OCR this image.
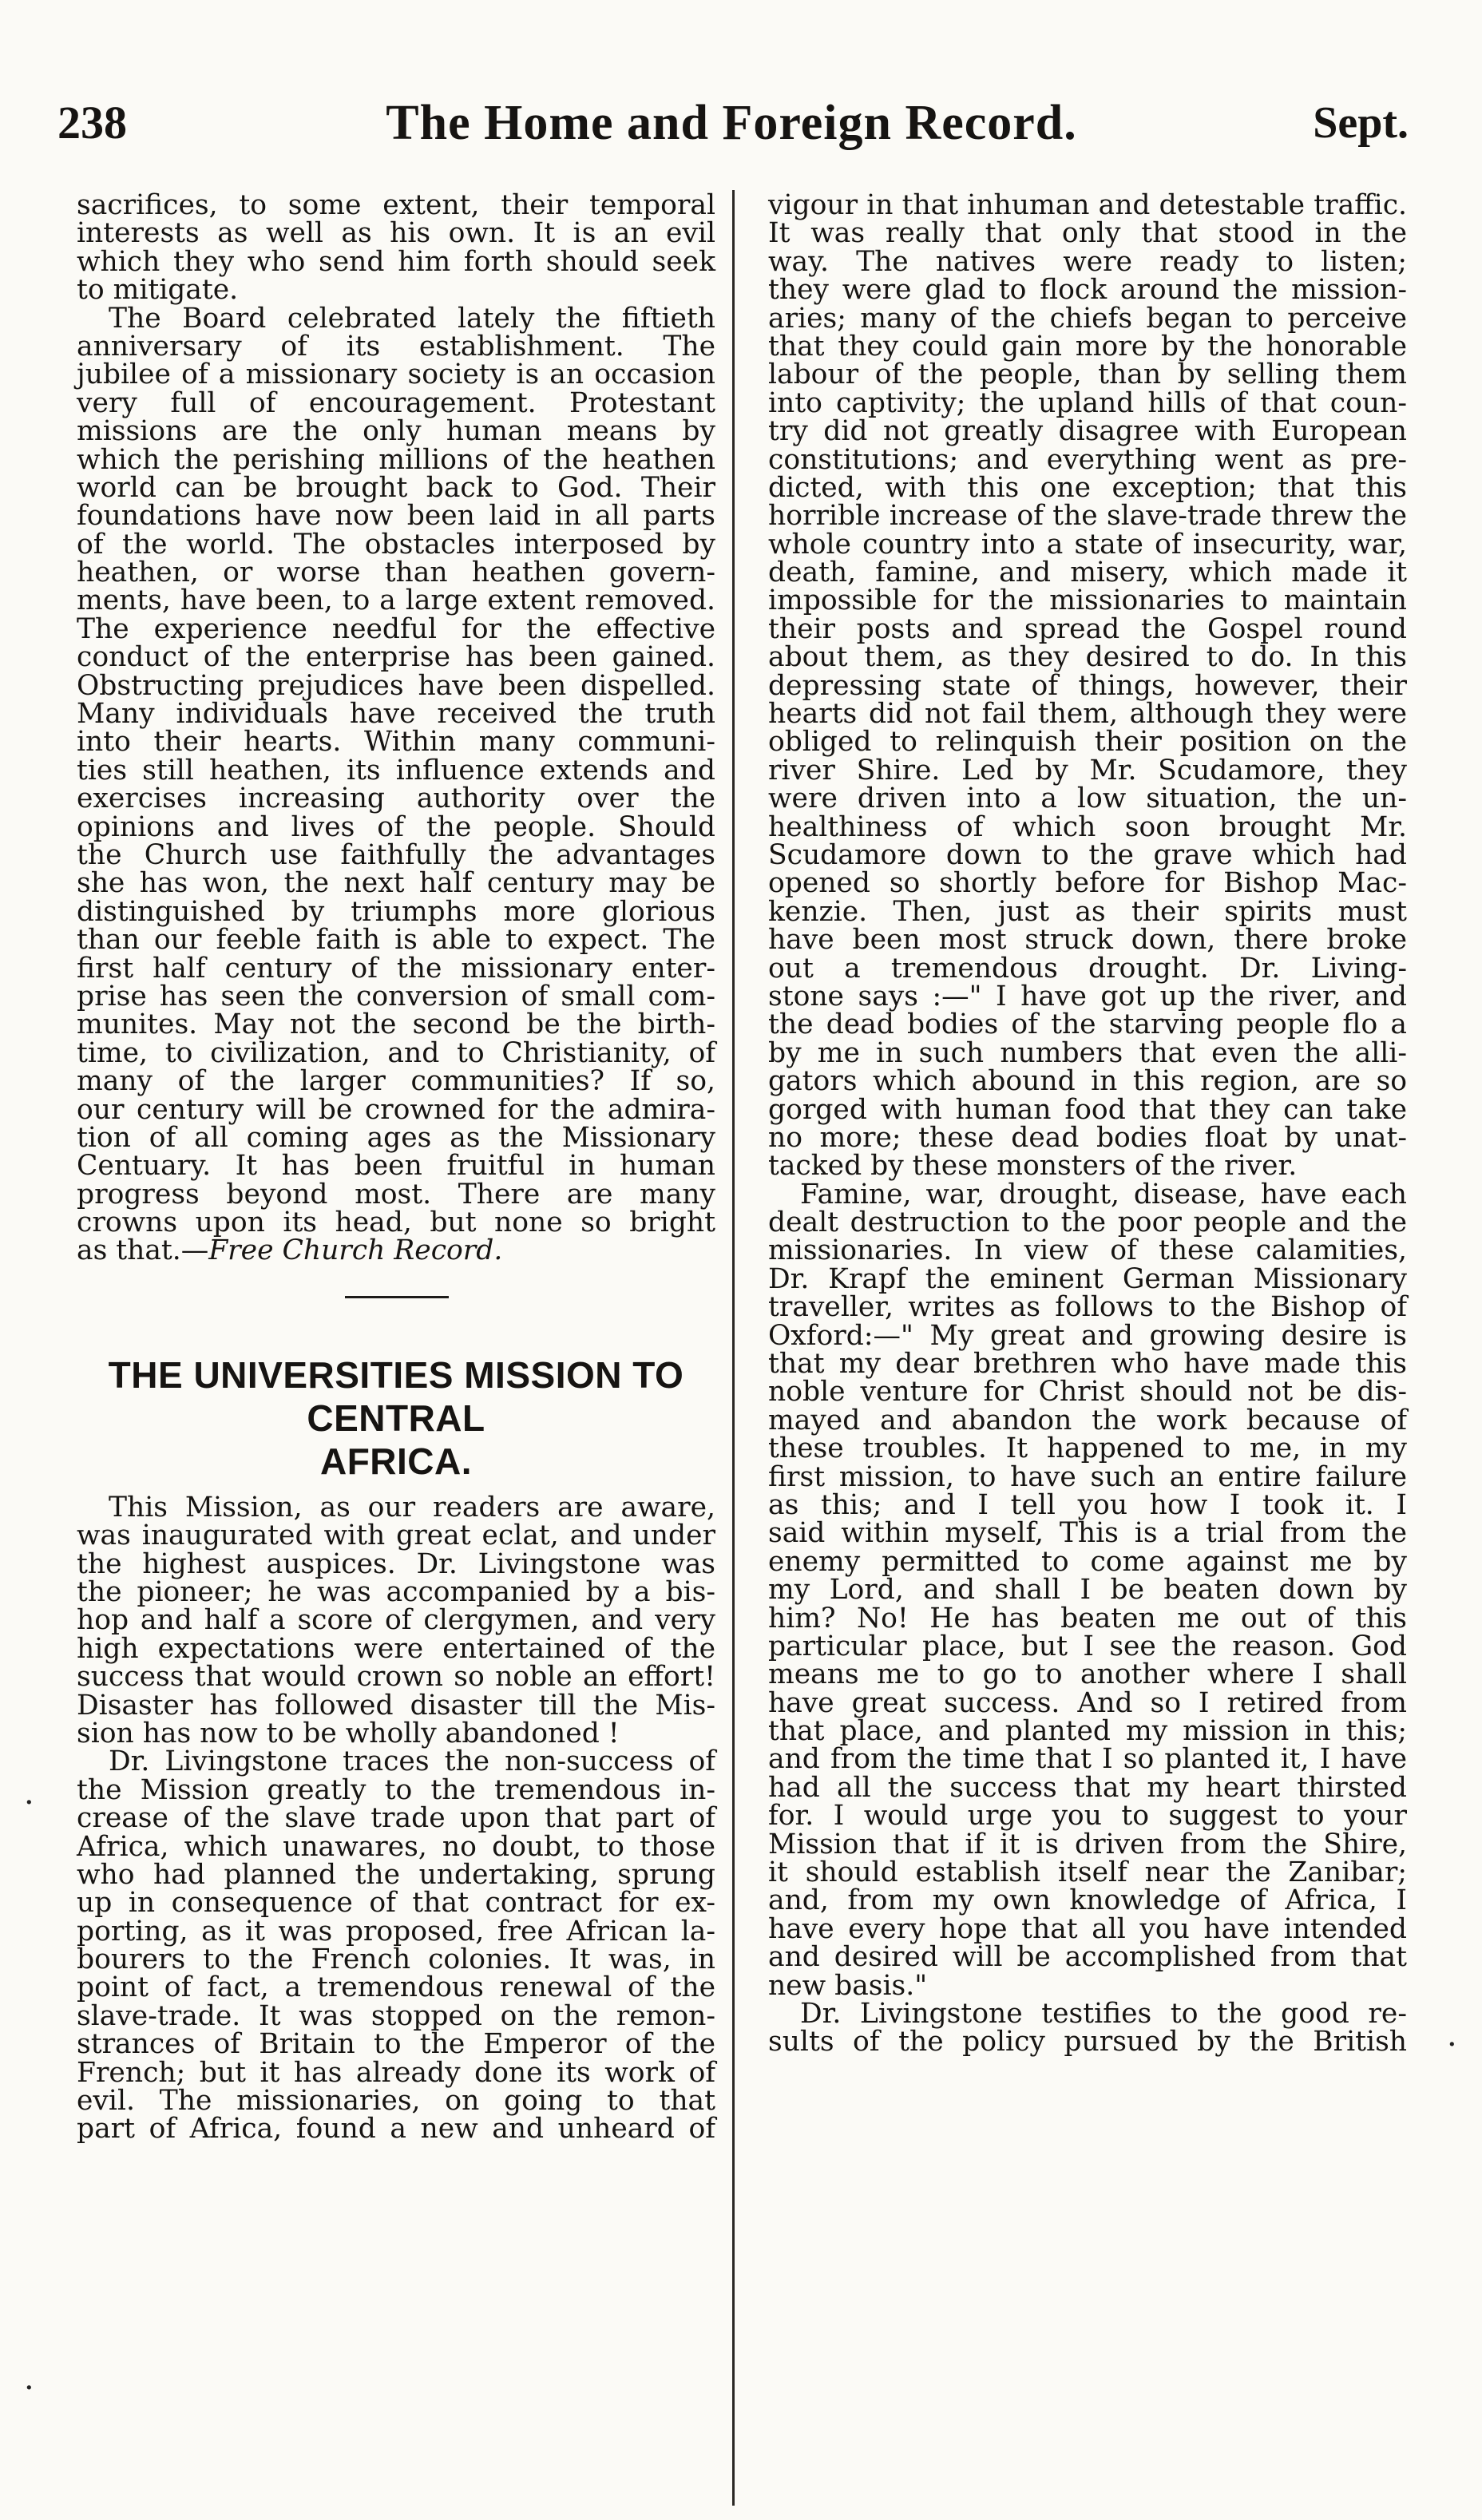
238	The Home and Foreign Record.	Sept.
sacrifices, to some extent, their temporal
interests as well as his own. It is an evil
which they who send him forth should seek
to mitigate.
The Board celebrated lately the fiftieth
anniversary of its establishment. The
jubilee of a missionary society is an occasion
very full of encouragement. Protestant
missions are the only human means by
which the perishing millions of the heathen
world can be brought back to God. Their
foundations have now been laid in all parts
of the world. The obstacles interposed by
heathen, or worse than heathen govern-
ments, have been, to a large extent removed.
The experience needful for the effective
conduct of the enterprise has been gained.
Obstructing prejudices have been dispelled.
Many individuals have received the truth
into their hearts. Within many communi-
ties still heathen, its influence extends and
exercises increasing authority over the
opinions and lives of the people. Should
the Church use faithfully the advantages
she has won, the next half century may be
distinguished by triumphs more glorious
than our feeble faith is able to expect. The
first half century of the missionary enter-
prise has seen the conversion of small com-
munites. May not the second be the birth-
time, to civilization, and to Christianity, of
many of the larger communities? If so,
our century will be crowned for the admira-
tion of all coming ages as the Missionary
Centuary. It has been fruitful in human
progress beyond most. There are many
crowns upon its head, but none so bright
as that.—Free Church Record.
THE UNIVERSITIES MISSION TO CENTRAL
AFRICA.
This Mission, as our readers are aware,
was inaugurated with great eclat, and under
the highest auspices. Dr. Livingstone was
the pioneer; he was accompanied by a bis-
hop and half a score of clergymen, and very
high expectations were entertained of the
success that would crown so noble an effort!
Disaster has followed disaster till the Mis-
sion has now to be wholly abandoned !
Dr. Livingstone traces the non-success of
the Mission greatly to the tremendous in-
crease of the slave trade upon that part of
Africa, which unawares, no doubt, to those
who had planned the undertaking, sprung
up in consequence of that contract for ex-
porting, as it was proposed, free African la-
bourers to the French colonies. It was, in
point of fact, a tremendous renewal of the
slave-trade. It was stopped on the remon-
strances of Britain to the Emperor of the
French; but it has already done its work of
evil. The missionaries, on going to that
part of Africa, found a new and unheard of
vigour in that inhuman and detestable traffic.
It was really that only that stood in the
way. The natives were ready to listen;
they were glad to flock around the mission-
aries; many of the chiefs began to perceive
that they could gain more by the honorable
labour of the people, than by selling them
into captivity; the upland hills of that coun-
try did not greatly disagree with European
constitutions; and everything went as pre-
dicted, with this one exception; that this
horrible increase of the slave-trade threw the
whole country into a state of insecurity, war,
death, famine, and misery, which made it
impossible for the missionaries to maintain
their posts and spread the Gospel round
about them, as they desired to do. In this
depressing state of things, however, their
hearts did not fail them, although they were
obliged to relinquish their position on the
river Shire. Led by Mr. Scudamore, they
were driven into a low situation, the un-
healthiness of which soon brought Mr.
Scudamore down to the grave which had
opened so shortly before for Bishop Mac-
kenzie. Then, just as their spirits must
have been most struck down, there broke
out a tremendous drought. Dr. Living-
stone says :—" I have got up the river, and
the dead bodies of the starving people flo a
by me in such numbers that even the alli-
gators which abound in this region, are so
gorged with human food that they can take
no more; these dead bodies float by unat-
tacked by these monsters of the river.
Famine, war, drought, disease, have each
dealt destruction to the poor people and the
missionaries. In view of these calamities,
Dr. Krapf the eminent German Missionary
traveller, writes as follows to the Bishop of
Oxford:—" My great and growing desire is
that my dear brethren who have made this
noble venture for Christ should not be dis-
mayed and abandon the work because of
these troubles. It happened to me, in my
first mission, to have such an entire failure
as this; and I tell you how I took it. I
said within myself, This is a trial from the
enemy permitted to come against me by
my Lord, and shall I be beaten down by
him? No! He has beaten me out of this
particular place, but I see the reason. God
means me to go to another where I shall
have great success. And so I retired from
that place, and planted my mission in this;
and from the time that I so planted it, I have
had all the success that my heart thirsted
for. I would urge you to suggest to your
Mission that if it is driven from the Shire,
it should establish itself near the Zanibar;
and, from my own knowledge of Africa, I
have every hope that all you have intended
and desired will be accomplished from that
new basis."
Dr. Livingstone testifies to the good re-
sults of the policy pursued by the British
·
·
·
